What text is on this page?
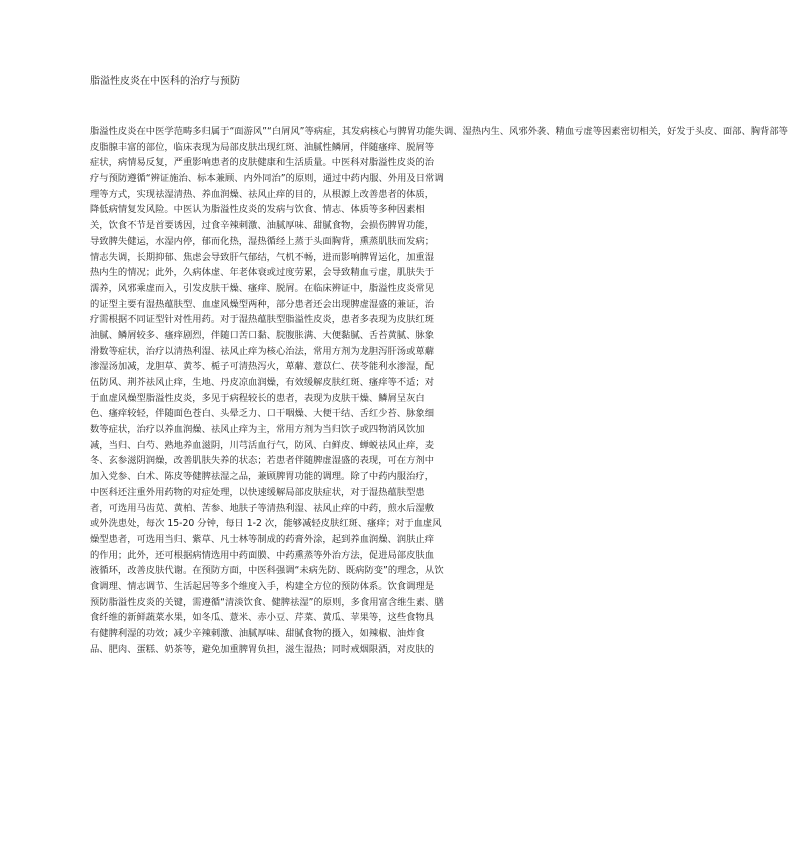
脂溢性皮炎在中医科的治疗与预防
脂溢性皮炎在中医学范畴多归属于“面游风”“白屑风”等病症，其发病核心与脾胃功能失调、湿热内生、风邪外袭、精血亏虚等因素密切相关，好发于头皮、面部、胸背部等
皮脂腺丰富的部位，临床表现为局部皮肤出现红斑、油腻性鳞屑，伴随瘙痒、脱屑等
症状，病情易反复，严重影响患者的皮肤健康和生活质量。中医科对脂溢性皮炎的治
疗与预防遵循“辨证施治、标本兼顾、内外同治”的原则，通过中药内服、外用及日常调
理等方式，实现祛湿清热、养血润燥、祛风止痒的目的，从根源上改善患者的体质，
降低病情复发风险。中医认为脂溢性皮炎的发病与饮食、情志、体质等多种因素相
关，饮食不节是首要诱因，过食辛辣刺激、油腻厚味、甜腻食物，会损伤脾胃功能，
导致脾失健运，水湿内停，郁而化热，湿热循经上蒸于头面胸背，熏蒸肌肤而发病；
情志失调，长期抑郁、焦虑会导致肝气郁结，气机不畅，进而影响脾胃运化，加重湿
热内生的情况；此外，久病体虚、年老体衰或过度劳累，会导致精血亏虚，肌肤失于
濡养，风邪乘虚而入，引发皮肤干燥、瘙痒、脱屑。在临床辨证中，脂溢性皮炎常见
的证型主要有湿热蕴肤型、血虚风燥型两种，部分患者还会出现脾虚湿盛的兼证，治
疗需根据不同证型针对性用药。对于湿热蕴肤型脂溢性皮炎，患者多表现为皮肤红斑
油腻、鳞屑较多、瘙痒剧烈，伴随口苦口黏、脘腹胀满、大便黏腻、舌苔黄腻、脉象
滑数等症状，治疗以清热利湿、祛风止痒为核心治法，常用方剂为龙胆泻肝汤或萆薢
渗湿汤加减，龙胆草、黄芩、栀子可清热泻火，萆薢、薏苡仁、茯苓能利水渗湿，配
伍防风、荆芥祛风止痒，生地、丹皮凉血润燥，有效缓解皮肤红斑、瘙痒等不适；对
于血虚风燥型脂溢性皮炎，多见于病程较长的患者，表现为皮肤干燥、鳞屑呈灰白
色、瘙痒较轻，伴随面色苍白、头晕乏力、口干咽燥、大便干结、舌红少苔、脉象细
数等症状，治疗以养血润燥、祛风止痒为主，常用方剂为当归饮子或四物消风饮加
减，当归、白芍、熟地养血滋阴，川芎活血行气，防风、白鲜皮、蝉蜕祛风止痒，麦
冬、玄参滋阴润燥，改善肌肤失养的状态；若患者伴随脾虚湿盛的表现，可在方剂中
加入党参、白术、陈皮等健脾祛湿之品，兼顾脾胃功能的调理。除了中药内服治疗，
中医科还注重外用药物的对症处理，以快速缓解局部皮肤症状，对于湿热蕴肤型患
者，可选用马齿苋、黄柏、苦参、地肤子等清热利湿、祛风止痒的中药，煎水后湿敷
或外洗患处，每次 15-20 分钟，每日 1-2 次，能够减轻皮肤红斑、瘙痒；对于血虚风
燥型患者，可选用当归、紫草、凡士林等制成的药膏外涂，起到养血润燥、润肤止痒
的作用；此外，还可根据病情选用中药面膜、中药熏蒸等外治方法，促进局部皮肤血
液循环，改善皮肤代谢。在预防方面，中医科强调“未病先防、既病防变”的理念，从饮
食调理、情志调节、生活起居等多个维度入手，构建全方位的预防体系。饮食调理是
预防脂溢性皮炎的关键，需遵循“清淡饮食、健脾祛湿”的原则，多食用富含维生素、膳
食纤维的新鲜蔬菜水果，如冬瓜、薏米、赤小豆、芹菜、黄瓜、苹果等，这些食物具
有健脾利湿的功效；减少辛辣刺激、油腻厚味、甜腻食物的摄入，如辣椒、油炸食
品、肥肉、蛋糕、奶茶等，避免加重脾胃负担，滋生湿热；同时戒烟限酒，对皮肤的
